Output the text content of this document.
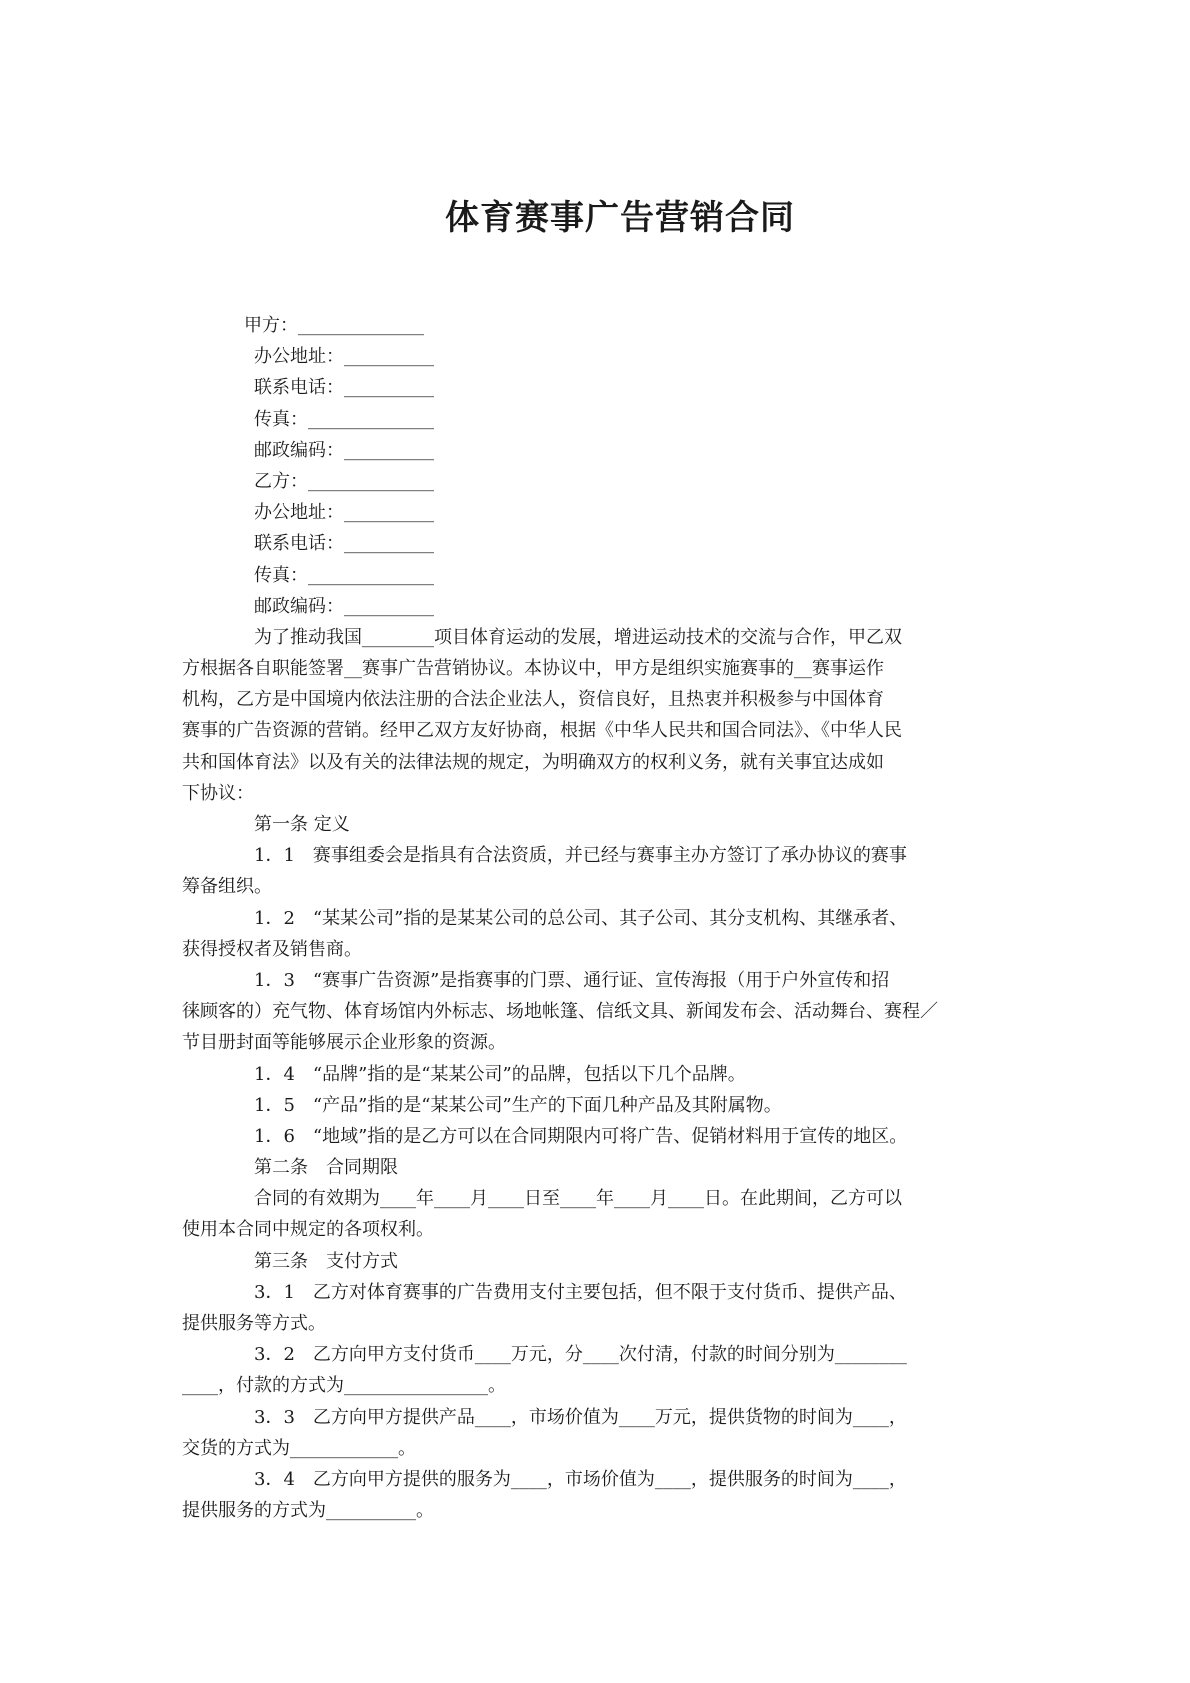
体育赛事广告营销合同
甲方：______________
办公地址：__________
联系电话：__________
传真：______________
邮政编码：__________
乙方：______________
办公地址：__________
联系电话：__________
传真：______________
邮政编码：__________
为了推动我国________项目体育运动的发展，增进运动技术的交流与合作，甲乙双
方根据各自职能签署__赛事广告营销协议。本协议中，甲方是组织实施赛事的__赛事运作
机构，乙方是中国境内依法注册的合法企业法人，资信良好，且热衷并积极参与中国体育
赛事的广告资源的营销。经甲乙双方友好协商，根据《中华人民共和国合同法》、《中华人民
共和国体育法》以及有关的法律法规的规定，为明确双方的权利义务，就有关事宜达成如
下协议：
第一条 定义
1．1　赛事组委会是指具有合法资质，并已经与赛事主办方签订了承办协议的赛事
筹备组织。
1．2　“某某公司”指的是某某公司的总公司、其子公司、其分支机构、其继承者、
获得授权者及销售商。
1．3　“赛事广告资源”是指赛事的门票、通行证、宣传海报（用于户外宣传和招
徕顾客的）充气物、体育场馆内外标志、场地帐篷、信纸文具、新闻发布会、活动舞台、赛程／
节目册封面等能够展示企业形象的资源。
1．4　“品牌”指的是“某某公司”的品牌，包括以下几个品牌。
1．5　“产品”指的是“某某公司”生产的下面几种产品及其附属物。
1．6　“地域”指的是乙方可以在合同期限内可将广告、促销材料用于宣传的地区。
第二条　合同期限
合同的有效期为____年____月____日至____年____月____日。在此期间，乙方可以
使用本合同中规定的各项权利。
第三条　支付方式
3．1　乙方对体育赛事的广告费用支付主要包括，但不限于支付货币、提供产品、
提供服务等方式。
3．2　乙方向甲方支付货币____万元，分____次付清，付款的时间分别为________
____，付款的方式为________________。
3．3　乙方向甲方提供产品____，市场价值为____万元，提供货物的时间为____，
交货的方式为____________。
3．4　乙方向甲方提供的服务为____，市场价值为____，提供服务的时间为____，
提供服务的方式为__________。
